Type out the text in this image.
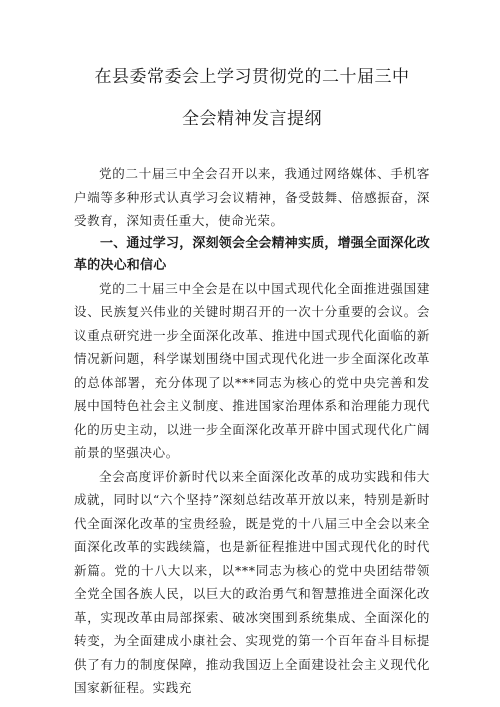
在县委常委会上学习贯彻党的二十届三中
全会精神发言提纲

党的二十届三中全会召开以来，我通过网络媒体、手机客户端等多种形式认真学习会议精神，备受鼓舞、倍感振奋，深受教育，深知责任重大，使命光荣。

一、通过学习，深刻领会全会精神实质，增强全面深化改革的决心和信心

党的二十届三中全会是在以中国式现代化全面推进强国建设、民族复兴伟业的关键时期召开的一次十分重要的会议。会议重点研究进一步全面深化改革、推进中国式现代化面临的新情况新问题，科学谋划围绕中国式现代化进一步全面深化改革的总体部署，充分体现了以***同志为核心的党中央完善和发展中国特色社会主义制度、推进国家治理体系和治理能力现代化的历史主动，以进一步全面深化改革开辟中国式现代化广阔前景的坚强决心。

全会高度评价新时代以来全面深化改革的成功实践和伟大成就，同时以“六个坚持”深刻总结改革开放以来，特别是新时代全面深化改革的宝贵经验，既是党的十八届三中全会以来全面深化改革的实践续篇，也是新征程推进中国式现代化的时代新篇。党的十八大以来，以***同志为核心的党中央团结带领全党全国各族人民，以巨大的政治勇气和智慧推进全面深化改革，实现改革由局部探索、破冰突围到系统集成、全面深化的转变，为全面建成小康社会、实现党的第一个百年奋斗目标提供了有力的制度保障，推动我国迈上全面建设社会主义现代化国家新征程。实践充
